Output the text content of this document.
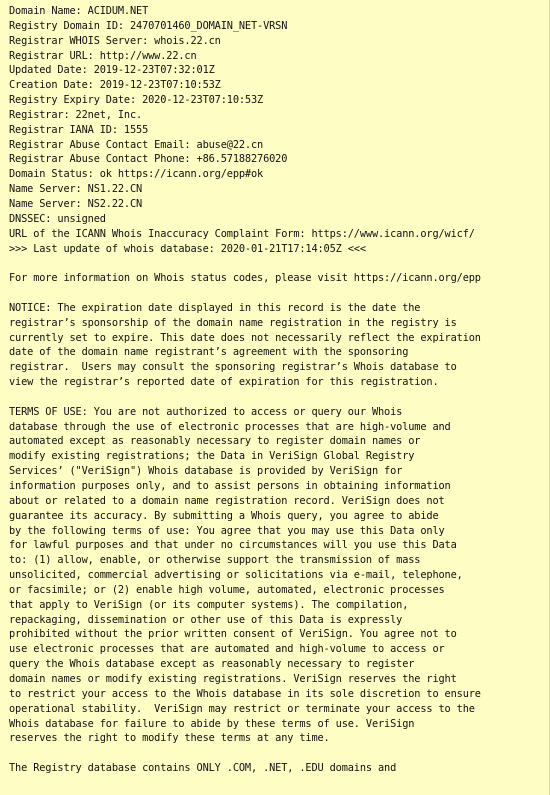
Domain Name: ACIDUM.NET
Registry Domain ID: 2470701460_DOMAIN_NET-VRSN
Registrar WHOIS Server: whois.22.cn
Registrar URL: http://www.22.cn
Updated Date: 2019-12-23T07:32:01Z
Creation Date: 2019-12-23T07:10:53Z
Registry Expiry Date: 2020-12-23T07:10:53Z
Registrar: 22net, Inc.
Registrar IANA ID: 1555
Registrar Abuse Contact Email: abuse@22.cn
Registrar Abuse Contact Phone: +86.57188276020
Domain Status: ok https://icann.org/epp#ok
Name Server: NS1.22.CN
Name Server: NS2.22.CN
DNSSEC: unsigned
URL of the ICANN Whois Inaccuracy Complaint Form: https://www.icann.org/wicf/
>>> Last update of whois database: 2020-01-21T17:14:05Z <<<
For more information on Whois status codes, please visit https://icann.org/epp
NOTICE: The expiration date displayed in this record is the date the
registrar’s sponsorship of the domain name registration in the registry is
currently set to expire. This date does not necessarily reflect the expiration
date of the domain name registrant’s agreement with the sponsoring
registrar.  Users may consult the sponsoring registrar’s Whois database to
view the registrar’s reported date of expiration for this registration.
TERMS OF USE: You are not authorized to access or query our Whois
database through the use of electronic processes that are high-volume and
automated except as reasonably necessary to register domain names or
modify existing registrations; the Data in VeriSign Global Registry
Services’ ("VeriSign") Whois database is provided by VeriSign for
information purposes only, and to assist persons in obtaining information
about or related to a domain name registration record. VeriSign does not
guarantee its accuracy. By submitting a Whois query, you agree to abide
by the following terms of use: You agree that you may use this Data only
for lawful purposes and that under no circumstances will you use this Data
to: (1) allow, enable, or otherwise support the transmission of mass
unsolicited, commercial advertising or solicitations via e-mail, telephone,
or facsimile; or (2) enable high volume, automated, electronic processes
that apply to VeriSign (or its computer systems). The compilation,
repackaging, dissemination or other use of this Data is expressly
prohibited without the prior written consent of VeriSign. You agree not to
use electronic processes that are automated and high-volume to access or
query the Whois database except as reasonably necessary to register
domain names or modify existing registrations. VeriSign reserves the right
to restrict your access to the Whois database in its sole discretion to ensure
operational stability.  VeriSign may restrict or terminate your access to the
Whois database for failure to abide by these terms of use. VeriSign
reserves the right to modify these terms at any time.
The Registry database contains ONLY .COM, .NET, .EDU domains and
